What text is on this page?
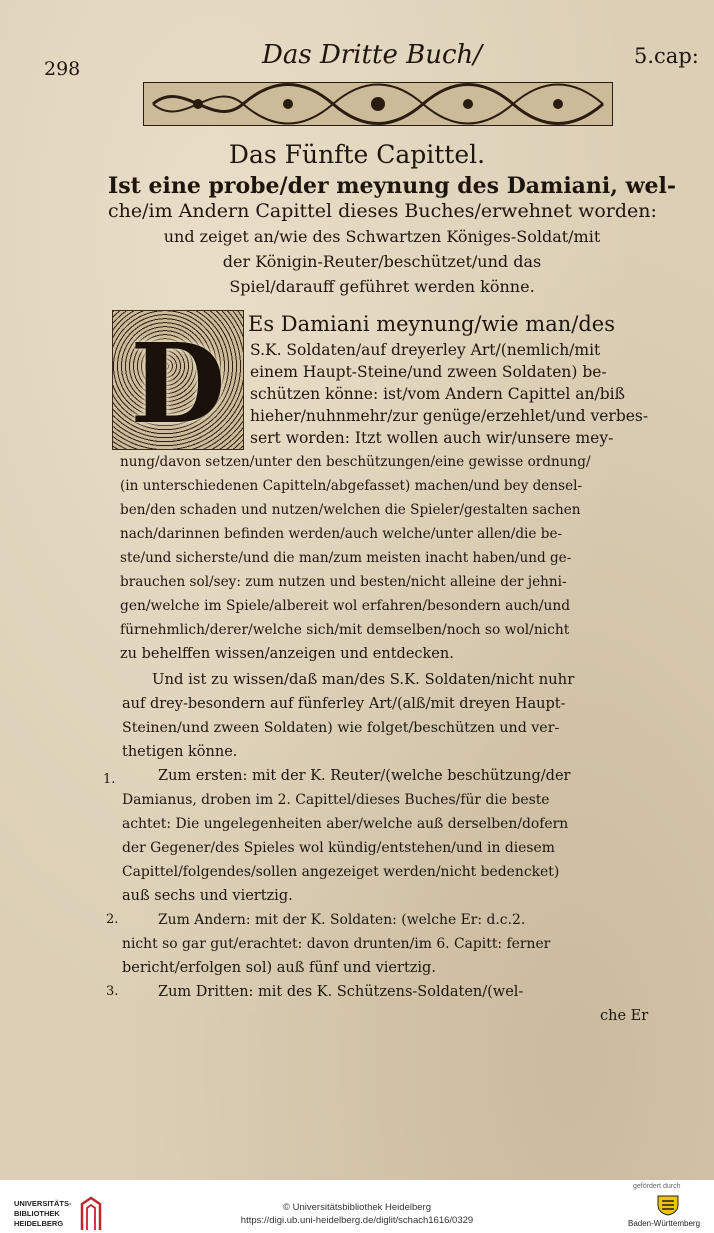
298	Das Dritte Buch/	5.cap:
Das Fünfte Capittel.
Ist eine probe/der meynung des Damiani, wel-
che/im Andern Capittel dieses Buches/erwehnet worden:
und zeiget an/wie des Schwartzen Königes-Soldat/mit
der Königin-Reuter/beschützet/und das
Spiel/darauff geführet werden könne.
D	Es Damiani meynung/wie man/des
S.K. Soldaten/auf dreyerley Art/(nemlich/mit
einem Haupt-Steine/und zween Soldaten) be-
schützen könne: ist/vom Andern Capittel an/biß
hieher/nuhnmehr/zur genüge/erzehlet/und verbes-
sert worden: Itzt wollen auch wir/unsere mey-
nung/davon setzen/unter den beschützungen/eine gewisse ordnung/
(in unterschiedenen Capitteln/abgefasset) machen/und bey densel-
ben/den schaden und nutzen/welchen die Spieler/gestalten sachen
nach/darinnen befinden werden/auch welche/unter allen/die be-
ste/und sicherste/und die man/zum meisten inacht haben/und ge-
brauchen sol/sey: zum nutzen und besten/nicht alleine der jehni-
gen/welche im Spiele/albereit wol erfahren/besondern auch/und
fürnehmlich/derer/welche sich/mit demselben/noch so wol/nicht
zu behelffen wissen/anzeigen und entdecken.
Und ist zu wissen/daß man/des S.K. Soldaten/nicht nuhr
auf drey-besondern auf fünferley Art/(alß/mit dreyen Haupt-
Steinen/und zween Soldaten) wie folget/beschützen und ver-
thetigen könne.
Zum ersten: mit der K. Reuter/(welche beschützung/der
Damianus, droben im 2. Capittel/dieses Buches/für die beste
achtet: Die ungelegenheiten aber/welche auß derselben/dofern
der Gegener/des Spieles wol kündig/entstehen/und in diesem
Capittel/folgendes/sollen angezeiget werden/nicht bedencket)
auß sechs und viertzig.
Zum Andern: mit der K. Soldaten: (welche Er: d.c.2.
nicht so gar gut/erachtet: davon drunten/im 6. Capitt: ferner
bericht/erfolgen sol) auß fünf und viertzig.
Zum Dritten: mit des K. Schützens-Soldaten/(wel-
che Er
1.
2.
3.
UNIVERSITÄTS-
BIBLIOTHEK
HEIDELBERG
© Universitätsbibliothek Heidelberg
https://digi.ub.uni-heidelberg.de/diglit/schach1616/0329
gefördert durch
Baden-Württemberg
